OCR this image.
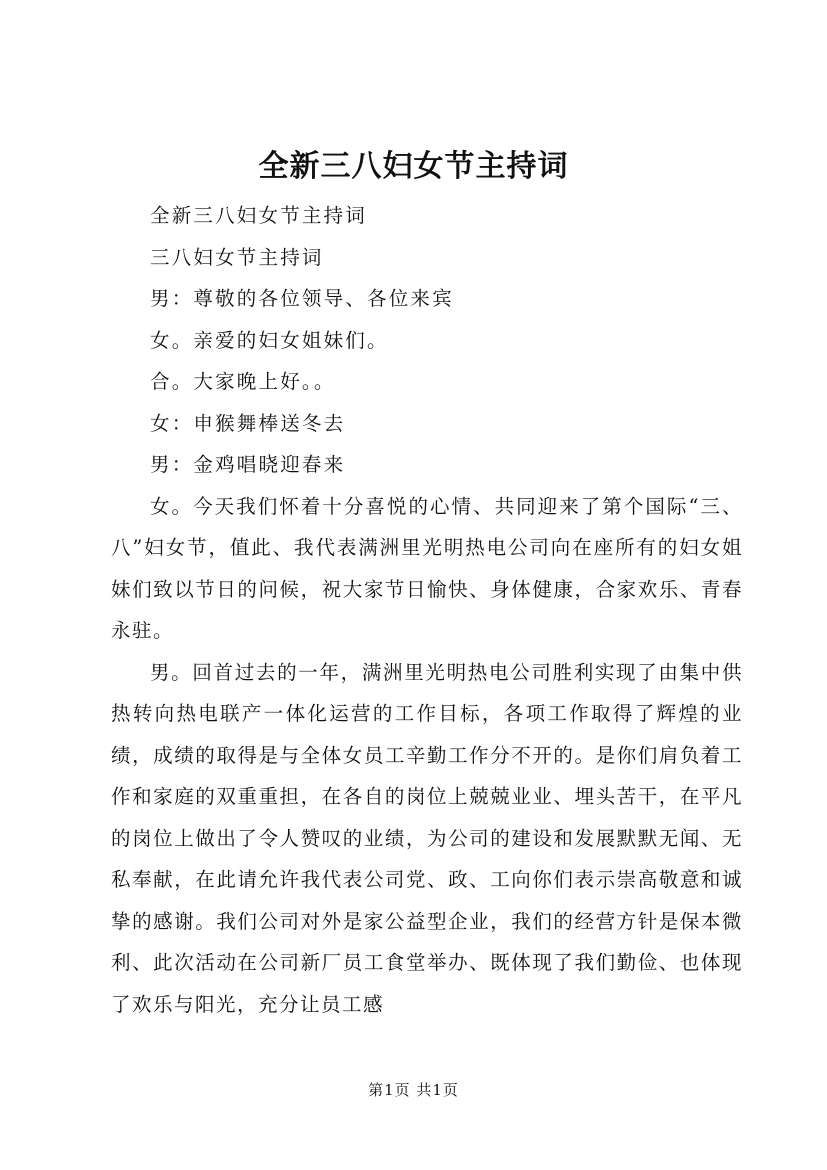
全新三八妇女节主持词

全新三八妇女节主持词

三八妇女节主持词

男：尊敬的各位领导、各位来宾

女。亲爱的妇女姐妹们。

合。大家晚上好。。

女：申猴舞棒送冬去

男：金鸡唱晓迎春来

女。今天我们怀着十分喜悦的心情、共同迎来了第个国际“三、八”妇女节，值此、我代表满洲里光明热电公司向在座所有的妇女姐妹们致以节日的问候，祝大家节日愉快、身体健康，合家欢乐、青春永驻。

男。回首过去的一年，满洲里光明热电公司胜利实现了由集中供热转向热电联产一体化运营的工作目标，各项工作取得了辉煌的业绩，成绩的取得是与全体女员工辛勤工作分不开的。是你们肩负着工作和家庭的双重重担，在各自的岗位上兢兢业业、埋头苦干，在平凡的岗位上做出了令人赞叹的业绩，为公司的建设和发展默默无闻、无私奉献，在此请允许我代表公司党、政、工向你们表示崇高敬意和诚挚的感谢。我们公司对外是家公益型企业，我们的经营方针是保本微利、此次活动在公司新厂员工食堂举办、既体现了我们勤俭、也体现了欢乐与阳光，充分让员工感

第1页 共1页
